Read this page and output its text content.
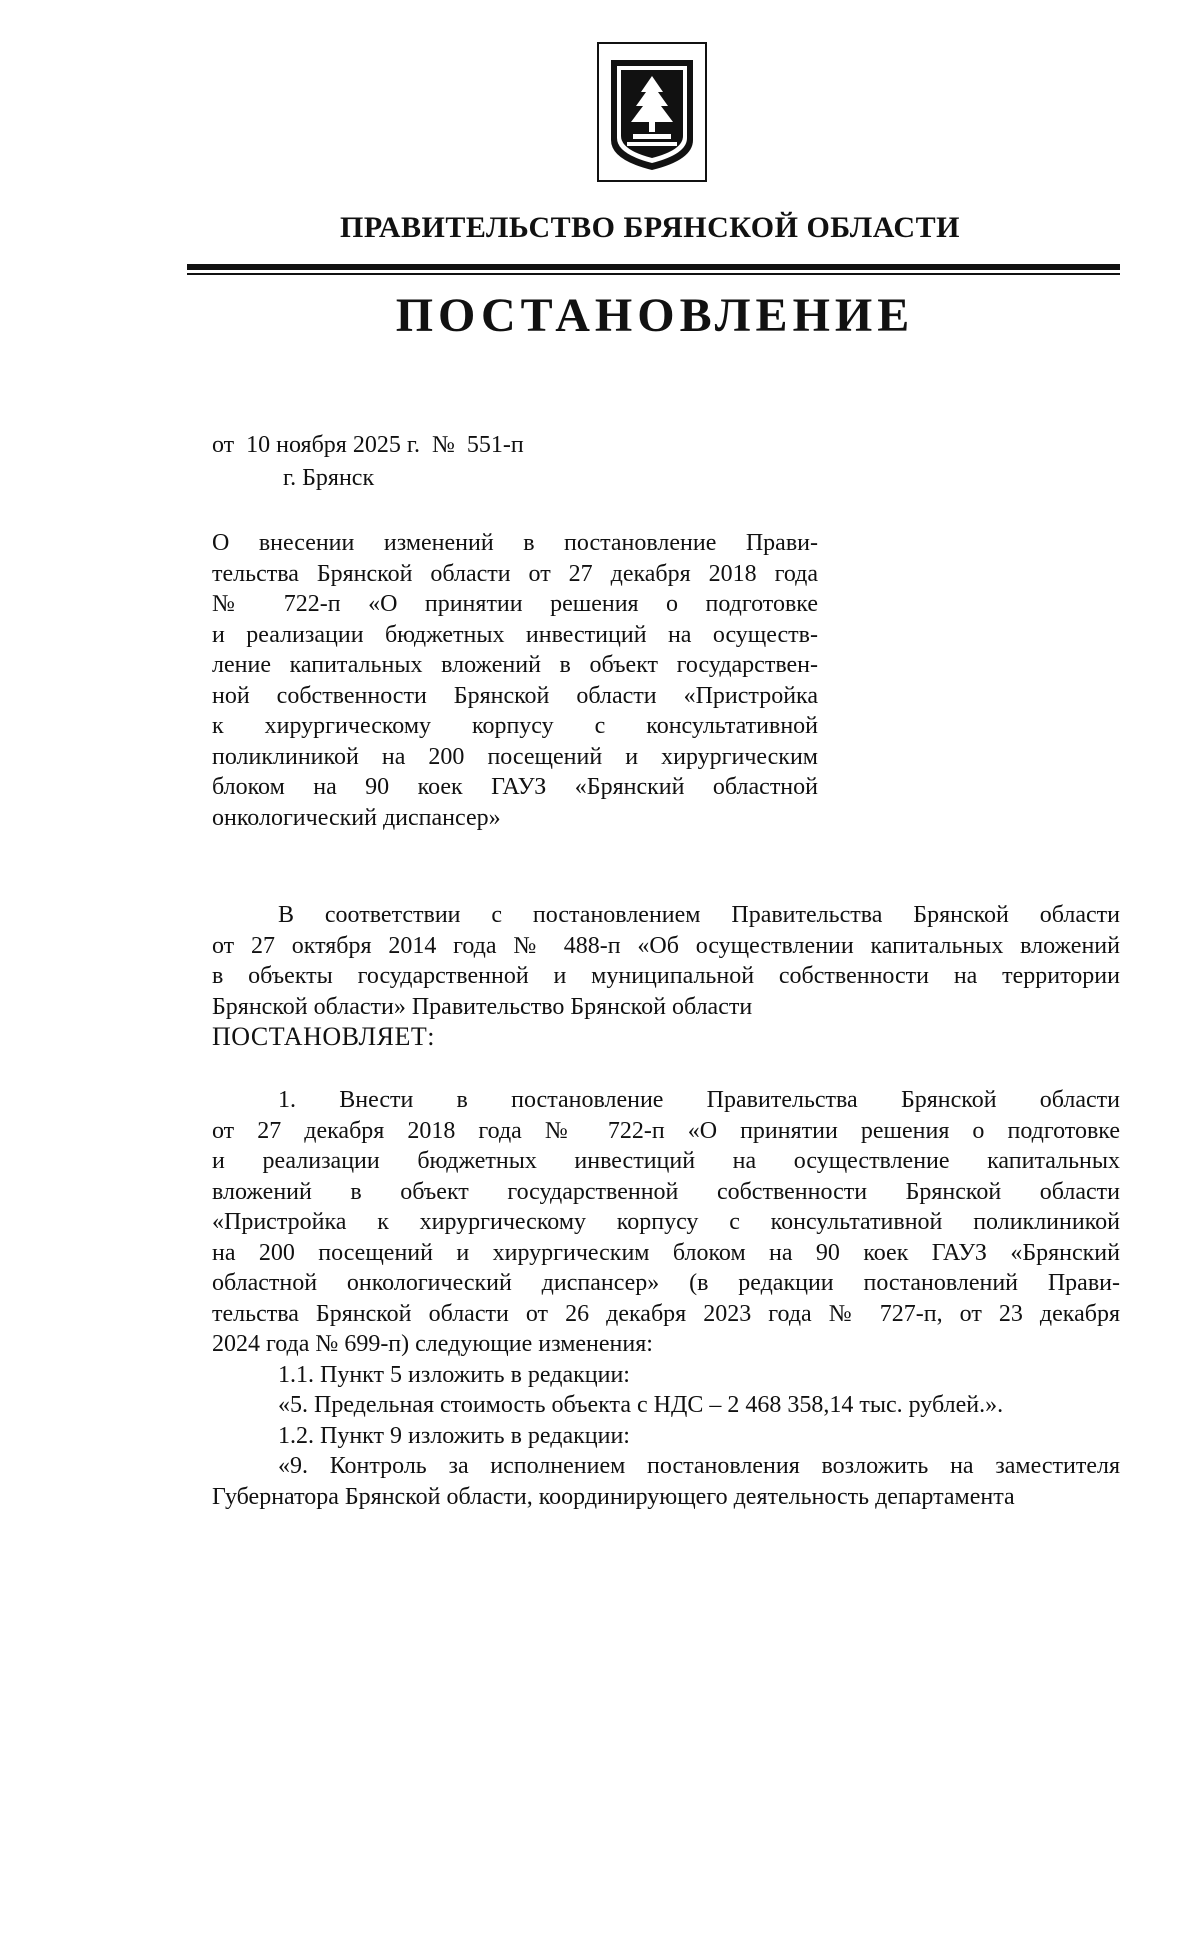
ПРАВИТЕЛЬСТВО БРЯНСКОЙ ОБЛАСТИ
ПОСТАНОВЛЕНИЕ
от 10 ноября 2025 г. № 551-п
г. Брянск
О внесении изменений в постановление Прави-
тельства Брянской области от 27 декабря 2018 года
№ 722-п «О принятии решения о подготовке
и реализации бюджетных инвестиций на осуществ-
ление капитальных вложений в объект государствен-
ной собственности Брянской области «Пристройка
к хирургическому корпусу с консультативной
поликлиникой на 200 посещений и хирургическим
блоком на 90 коек ГАУЗ «Брянский областной
онкологический диспансер»
В соответствии с постановлением Правительства Брянской области
от 27 октября 2014 года № 488-п «Об осуществлении капитальных вложений
в объекты государственной и муниципальной собственности на территории
Брянской области» Правительство Брянской области
ПОСТАНОВЛЯЕТ:
1. Внести в постановление Правительства Брянской области
от 27 декабря 2018 года № 722-п «О принятии решения о подготовке
и реализации бюджетных инвестиций на осуществление капитальных
вложений в объект государственной собственности Брянской области
«Пристройка к хирургическому корпусу с консультативной поликлиникой
на 200 посещений и хирургическим блоком на 90 коек ГАУЗ «Брянский
областной онкологический диспансер» (в редакции постановлений Прави-
тельства Брянской области от 26 декабря 2023 года № 727-п, от 23 декабря
2024 года № 699-п) следующие изменения:
1.1. Пункт 5 изложить в редакции:
«5. Предельная стоимость объекта с НДС – 2 468 358,14 тыс. рублей.».
1.2. Пункт 9 изложить в редакции:
«9. Контроль за исполнением постановления возложить на заместителя
Губернатора Брянской области, координирующего деятельность департамента
